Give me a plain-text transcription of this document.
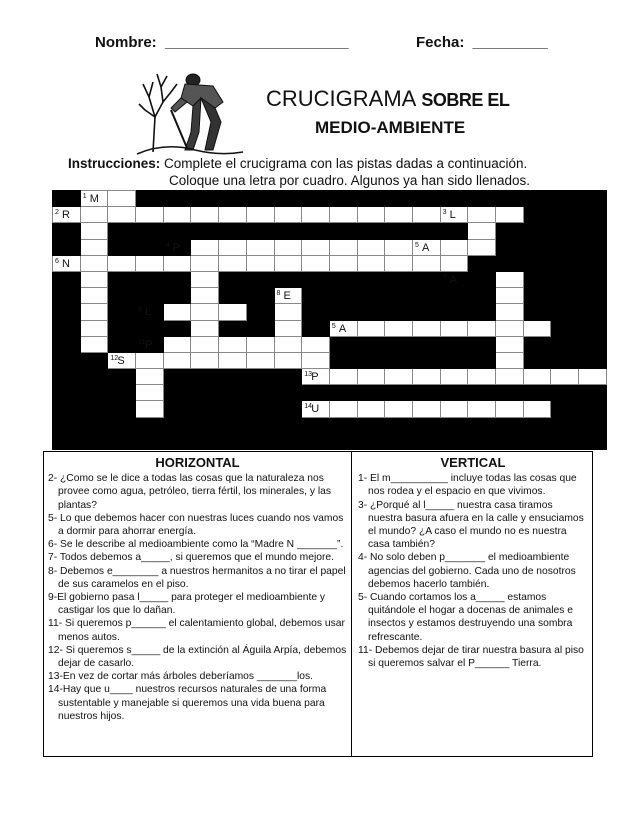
Nombre:  ______________________	Fecha:  _________
CRUCIGRAMA SOBRE EL
MEDIO-AMBIENTE
Instrucciones: Complete el crucigrama con las pistas dadas a continuación.
Coloque una letra por cuadro. Algunos ya han sido llenados.

	1 M																		

2 R														3 L					

				4 P									5 A						

6 N																			

														7 A					

								8 E											

			9 L																

										5 A									

			11 P																

		12 S																	

									13 P										

									14 U										

HORIZONTAL

2- ¿Como se le dice a todas las cosas que la naturaleza nos provee como agua, petróleo, tierra fértil, los minerales, y las plantas?

5- Lo que debemos hacer con nuestras luces cuando nos vamos a dormir para ahorrar energía.

6- Se le describe al medioambiente como la “Madre N _______”.

7- Todos debemos a_____, si queremos que el mundo mejore.

8- Debemos e________ a nuestros hermanitos a no tirar el papel de sus caramelos en el piso.

9-El gobierno pasa l_____ para proteger el medioambiente y castigar los que lo dañan.

11- Si queremos p______ el calentamiento global, debemos usar menos autos.

12- Si queremos s_____ de la extinción al Águila Arpía, debemos dejar de casarlo.

13-En vez de cortar más árboles deberíamos _______los.

14-Hay que u____ nuestros recursos naturales de una forma sustentable y manejable si queremos una vida buena para nuestros hijos.

VERTICAL

1- El m__________ incluye todas las cosas que nos rodea y el espacio en que vivimos.

3- ¿Porqué al l_____ nuestra casa tiramos nuestra basura afuera en la calle y ensuciamos el mundo? ¿A caso el mundo no es nuestra casa también?

4- No solo deben p_______ el medioambiente agencias del gobierno. Cada uno de nosotros debemos hacerlo también.

5- Cuando cortamos los a_____ estamos quitándole el hogar a docenas de animales e insectos y estamos destruyendo una sombra refrescante.

11- Debemos dejar de tirar nuestra basura al piso si queremos salvar el P______ Tierra.
